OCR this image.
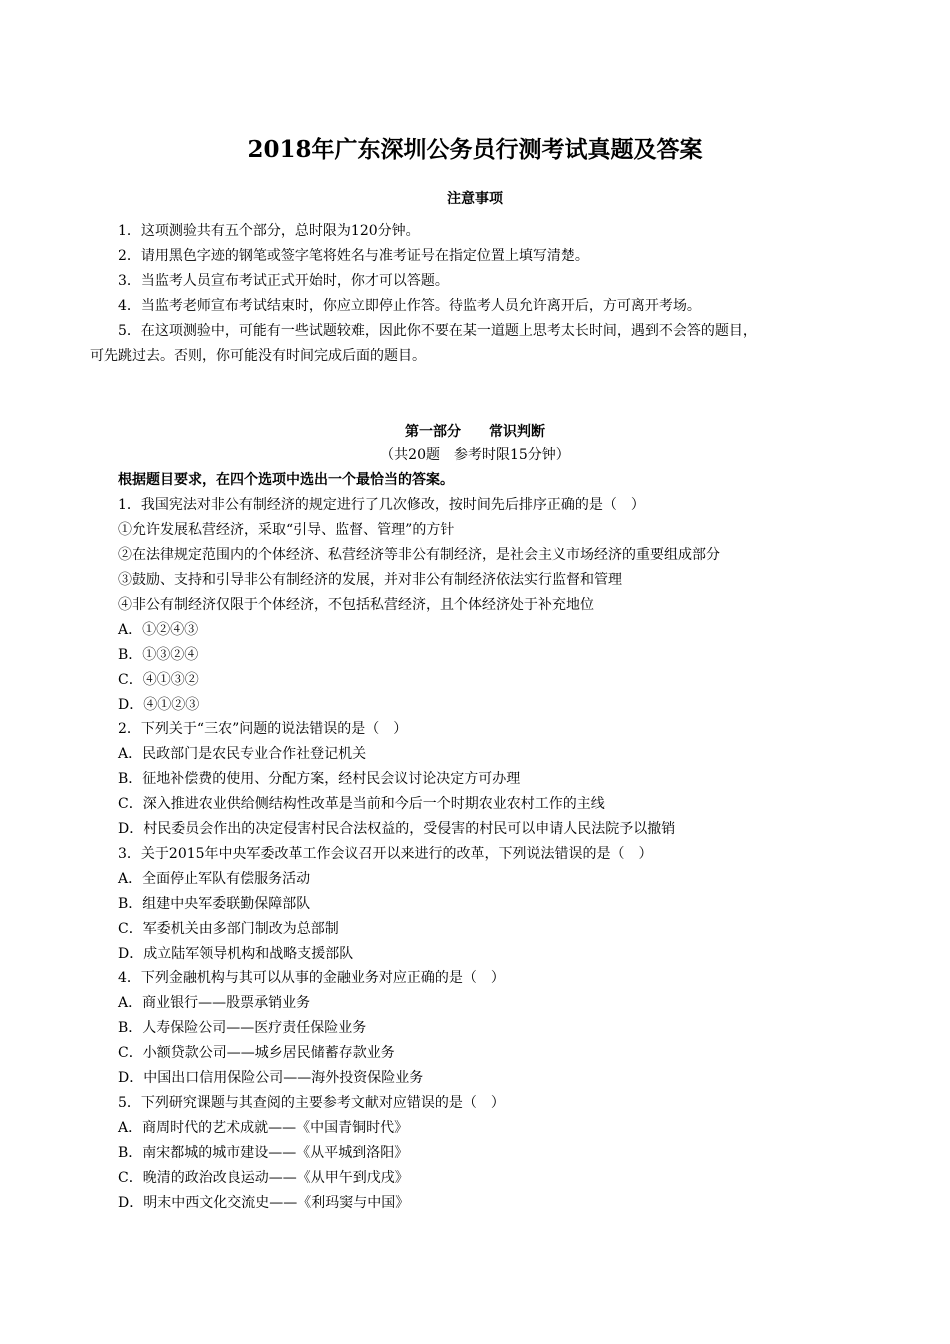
2018年广东深圳公务员行测考试真题及答案
注意事项
1．这项测验共有五个部分，总时限为120分钟。
2．请用黑色字迹的钢笔或签字笔将姓名与准考证号在指定位置上填写清楚。
3．当监考人员宣布考试正式开始时，你才可以答题。
4．当监考老师宣布考试结束时，你应立即停止作答。待监考人员允许离开后，方可离开考场。
5．在这项测验中，可能有一些试题较难，因此你不要在某一道题上思考太长时间，遇到不会答的题目，
可先跳过去。否则，你可能没有时间完成后面的题目。
第一部分　　常识判断
（共20题　参考时限15分钟）
根据题目要求，在四个选项中选出一个最恰当的答案。
1．我国宪法对非公有制经济的规定进行了几次修改，按时间先后排序正确的是（　）
①允许发展私营经济，采取“引导、监督、管理”的方针
②在法律规定范围内的个体经济、私营经济等非公有制经济，是社会主义市场经济的重要组成部分
③鼓励、支持和引导非公有制经济的发展，并对非公有制经济依法实行监督和管理
④非公有制经济仅限于个体经济，不包括私营经济，且个体经济处于补充地位
A．①②④③
B．①③②④
C．④①③②
D．④①②③
2．下列关于“三农”问题的说法错误的是（　）
A．民政部门是农民专业合作社登记机关
B．征地补偿费的使用、分配方案，经村民会议讨论决定方可办理
C．深入推进农业供给侧结构性改革是当前和今后一个时期农业农村工作的主线
D．村民委员会作出的决定侵害村民合法权益的，受侵害的村民可以申请人民法院予以撤销
3．关于2015年中央军委改革工作会议召开以来进行的改革，下列说法错误的是（　）
A．全面停止军队有偿服务活动
B．组建中央军委联勤保障部队
C．军委机关由多部门制改为总部制
D．成立陆军领导机构和战略支援部队
4．下列金融机构与其可以从事的金融业务对应正确的是（　）
A．商业银行——股票承销业务
B．人寿保险公司——医疗责任保险业务
C．小额贷款公司——城乡居民储蓄存款业务
D．中国出口信用保险公司——海外投资保险业务
5．下列研究课题与其查阅的主要参考文献对应错误的是（　）
A．商周时代的艺术成就——《中国青铜时代》
B．南宋都城的城市建设——《从平城到洛阳》
C．晚清的政治改良运动——《从甲午到戊戌》
D．明末中西文化交流史——《利玛窦与中国》
